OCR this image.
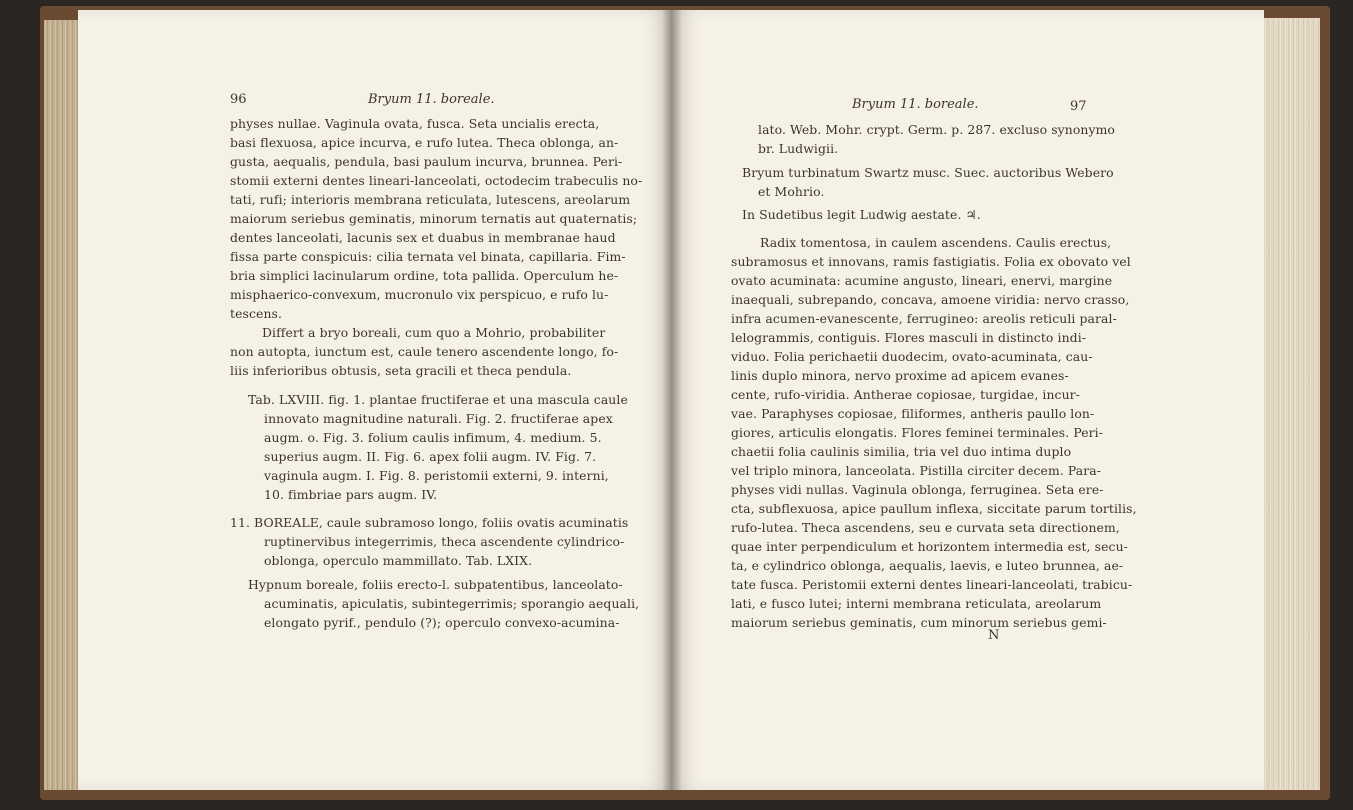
96	Bryum 11. boreale.
physes nullae. Vaginula ovata, fusca. Seta uncialis erecta,
basi flexuosa, apice incurva, e rufo lutea. Theca oblonga, an-
gusta, aequalis, pendula, basi paulum incurva, brunnea. Peri-
stomii externi dentes lineari-lanceolati, octodecim trabeculis no-
tati, rufi; interioris membrana reticulata, lutescens, areolarum
maiorum seriebus geminatis, minorum ternatis aut quaternatis;
dentes lanceolati, lacunis sex et duabus in membranae haud
fissa parte conspicuis: cilia ternata vel binata, capillaria. Fim-
bria simplici lacinularum ordine, tota pallida. Operculum he-
misphaerico-convexum, mucronulo vix perspicuo, e rufo lu-
tescens.
Differt a bryo boreali, cum quo a Mohrio, probabiliter
non autopta, iunctum est, caule tenero ascendente longo, fo-
liis inferioribus obtusis, seta gracili et theca pendula.
Tab. LXVIII. fig. 1. plantae fructiferae et una mascula caule
innovato magnitudine naturali. Fig. 2. fructiferae apex
augm. o. Fig. 3. folium caulis infimum, 4. medium. 5.
superius augm. II. Fig. 6. apex folii augm. IV. Fig. 7.
vaginula augm. I. Fig. 8. peristomii externi, 9. interni,
10. fimbriae pars augm. IV.
11. BOREALE, caule subramoso longo, foliis ovatis acuminatis
ruptinervibus integerrimis, theca ascendente cylindrico-
oblonga, operculo mammillato. Tab. LXIX.
Hypnum boreale, foliis erecto-l. subpatentibus, lanceolato-
acuminatis, apiculatis, subintegerrimis; sporangio aequali,
elongato pyrif., pendulo (?); operculo convexo-acumina-
Bryum 11. boreale.	97
lato. Web. Mohr. crypt. Germ. p. 287. excluso synonymo
br. Ludwigii.
Bryum turbinatum Swartz musc. Suec. auctoribus Webero
et Mohrio.
In Sudetibus legit Ludwig aestate. ♃.
Radix tomentosa, in caulem ascendens. Caulis erectus,
subramosus et innovans, ramis fastigiatis. Folia ex obovato vel
ovato acuminata: acumine angusto, lineari, enervi, margine
inaequali, subrepando, concava, amoene viridia: nervo crasso,
infra acumen-evanescente, ferrugineo: areolis reticuli paral-
lelogrammis, contiguis. Flores masculi in distincto indi-
viduo. Folia perichaetii duodecim, ovato-acuminata, cau-
linis duplo minora, nervo proxime ad apicem evanes-
cente, rufo-viridia. Antherae copiosae, turgidae, incur-
vae. Paraphyses copiosae, filiformes, antheris paullo lon-
giores, articulis elongatis. Flores feminei terminales. Peri-
chaetii folia caulinis similia, tria vel duo intima duplo
vel triplo minora, lanceolata. Pistilla circiter decem. Para-
physes vidi nullas. Vaginula oblonga, ferruginea. Seta ere-
cta, subflexuosa, apice paullum inflexa, siccitate parum tortilis,
rufo-lutea. Theca ascendens, seu e curvata seta directionem,
quae inter perpendiculum et horizontem intermedia est, secu-
ta, e cylindrico oblonga, aequalis, laevis, e luteo brunnea, ae-
tate fusca. Peristomii externi dentes lineari-lanceolati, trabicu-
lati, e fusco lutei; interni membrana reticulata, areolarum
maiorum seriebus geminatis, cum minorum seriebus gemi-
N
